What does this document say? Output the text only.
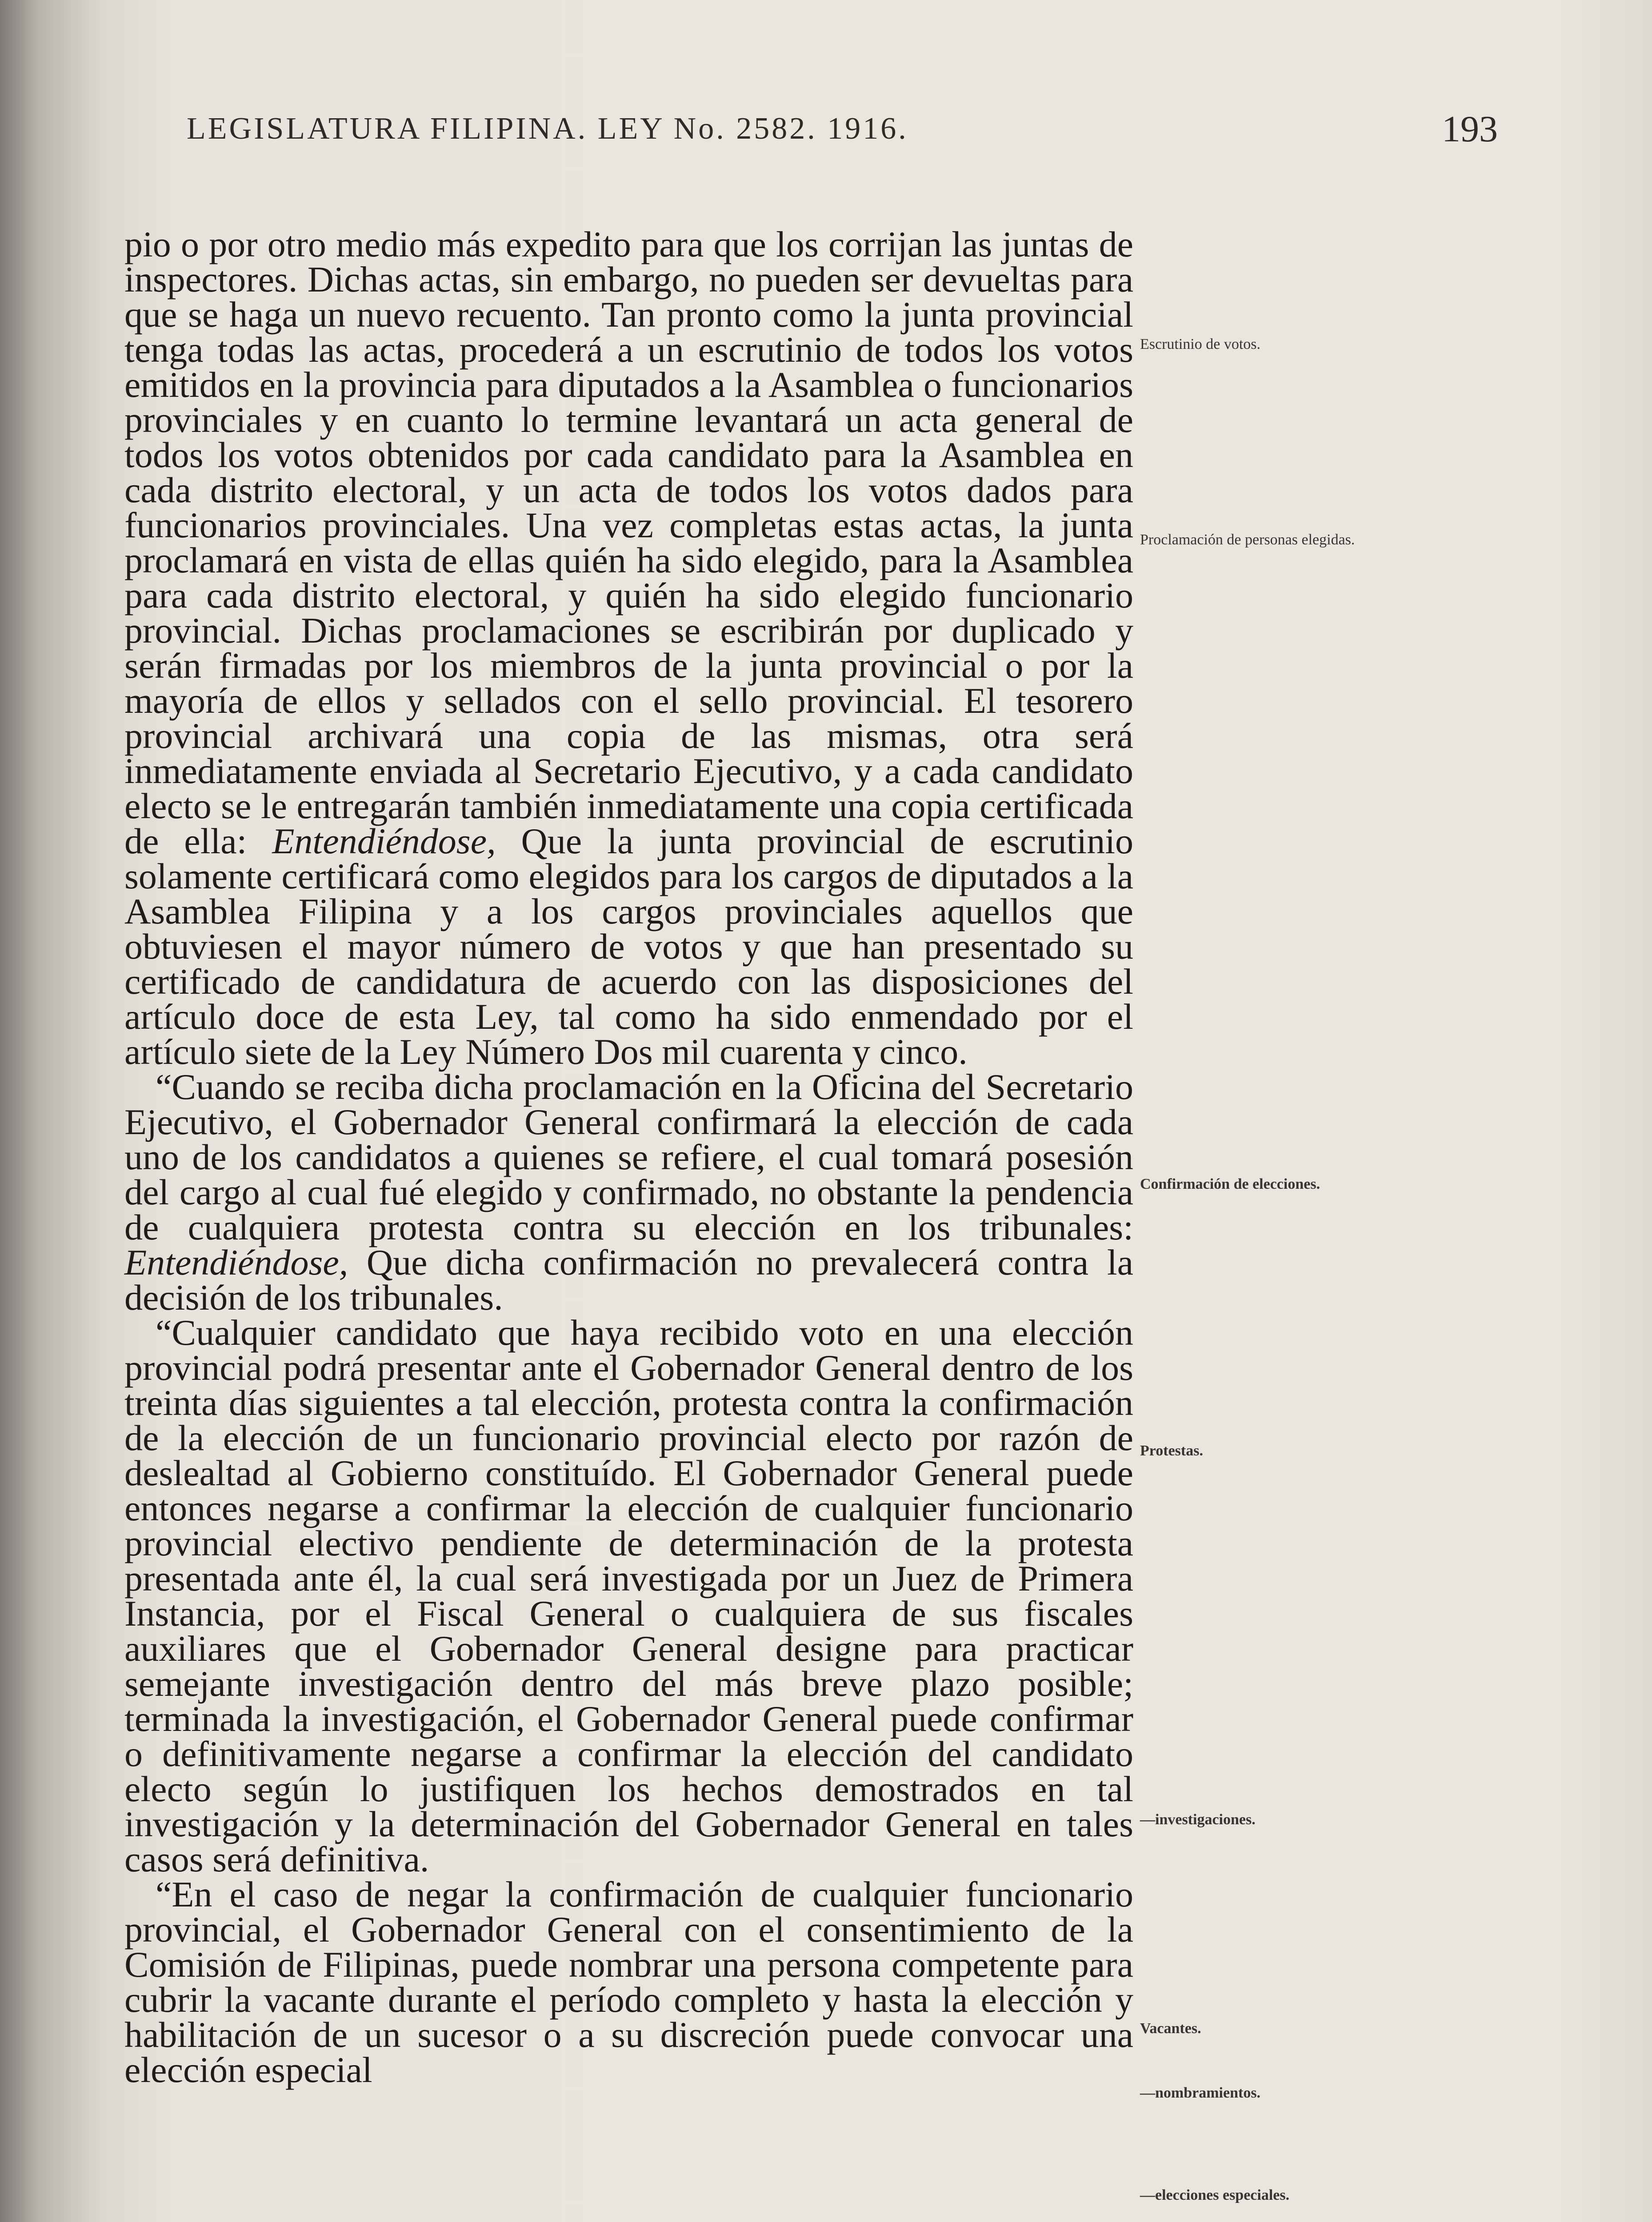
LEGISLATURA FILIPINA. LEY No. 2582. 1916.	193

pio o por otro medio más expedito para que los corrijan las juntas de inspectores. Dichas actas, sin embargo, no pueden ser devueltas para que se haga un nuevo recuento. Tan pronto como la junta provincial tenga todas las actas, procederá a un escrutinio de todos los votos emitidos en la provincia para diputados a la Asamblea o funcionarios provinciales y en cuanto lo termine levantará un acta general de todos los votos obtenidos por cada candidato para la Asamblea en cada distrito electoral, y un acta de todos los votos dados para funcionarios provinciales. Una vez completas estas actas, la junta proclamará en vista de ellas quién ha sido elegido, para la Asamblea para cada distrito electoral, y quién ha sido elegido funcionario provincial. Dichas proclamaciones se escribirán por duplicado y serán firmadas por los miembros de la junta provincial o por la mayoría de ellos y sellados con el sello provincial. El tesorero provincial archivará una copia de las mismas, otra será inmediatamente enviada al Secretario Ejecutivo, y a cada candidato electo se le entregarán también inmediatamente una copia certificada de ella: Entendiéndose, Que la junta provincial de escrutinio solamente certificará como elegidos para los cargos de diputados a la Asamblea Filipina y a los cargos provinciales aquellos que obtuviesen el mayor número de votos y que han presentado su certificado de candidatura de acuerdo con las disposiciones del artículo doce de esta Ley, tal como ha sido enmendado por el artículo siete de la Ley Número Dos mil cuarenta y cinco.

“Cuando se reciba dicha proclamación en la Oficina del Secretario Ejecutivo, el Gobernador General confirmará la elección de cada uno de los candidatos a quienes se refiere, el cual tomará posesión del cargo al cual fué elegido y confirmado, no obstante la pendencia de cualquiera protesta contra su elección en los tribunales: Entendiéndose, Que dicha confirmación no prevalecerá contra la decisión de los tribunales.

“Cualquier candidato que haya recibido voto en una elección provincial podrá presentar ante el Gobernador General dentro de los treinta días siguientes a tal elección, protesta contra la confirmación de la elección de un funcionario provincial electo por razón de deslealtad al Gobierno constituído. El Gobernador General puede entonces negarse a confirmar la elección de cualquier funcionario provincial electivo pendiente de determinación de la protesta presentada ante él, la cual será investigada por un Juez de Primera Instancia, por el Fiscal General o cualquiera de sus fiscales auxiliares que el Gobernador General designe para practicar semejante investigación dentro del más breve plazo posible; terminada la investigación, el Gobernador General puede confirmar o definitivamente negarse a confirmar la elección del candidato electo según lo justifiquen los hechos demostrados en tal investigación y la determinación del Gobernador General en tales casos será definitiva.

“En el caso de negar la confirmación de cualquier funcionario provincial, el Gobernador General con el consentimiento de la Comisión de Filipinas, puede nombrar una persona competente para cubrir la vacante durante el período completo y hasta la elección y habilitación de un sucesor o a su discreción puede convocar una elección especial

Escrutinio de votos.
Proclamación de personas elegidas.
Confirmación de elecciones.
Protestas.
—investigaciones.
Vacantes.
—nombramientos.
—elecciones especiales.
